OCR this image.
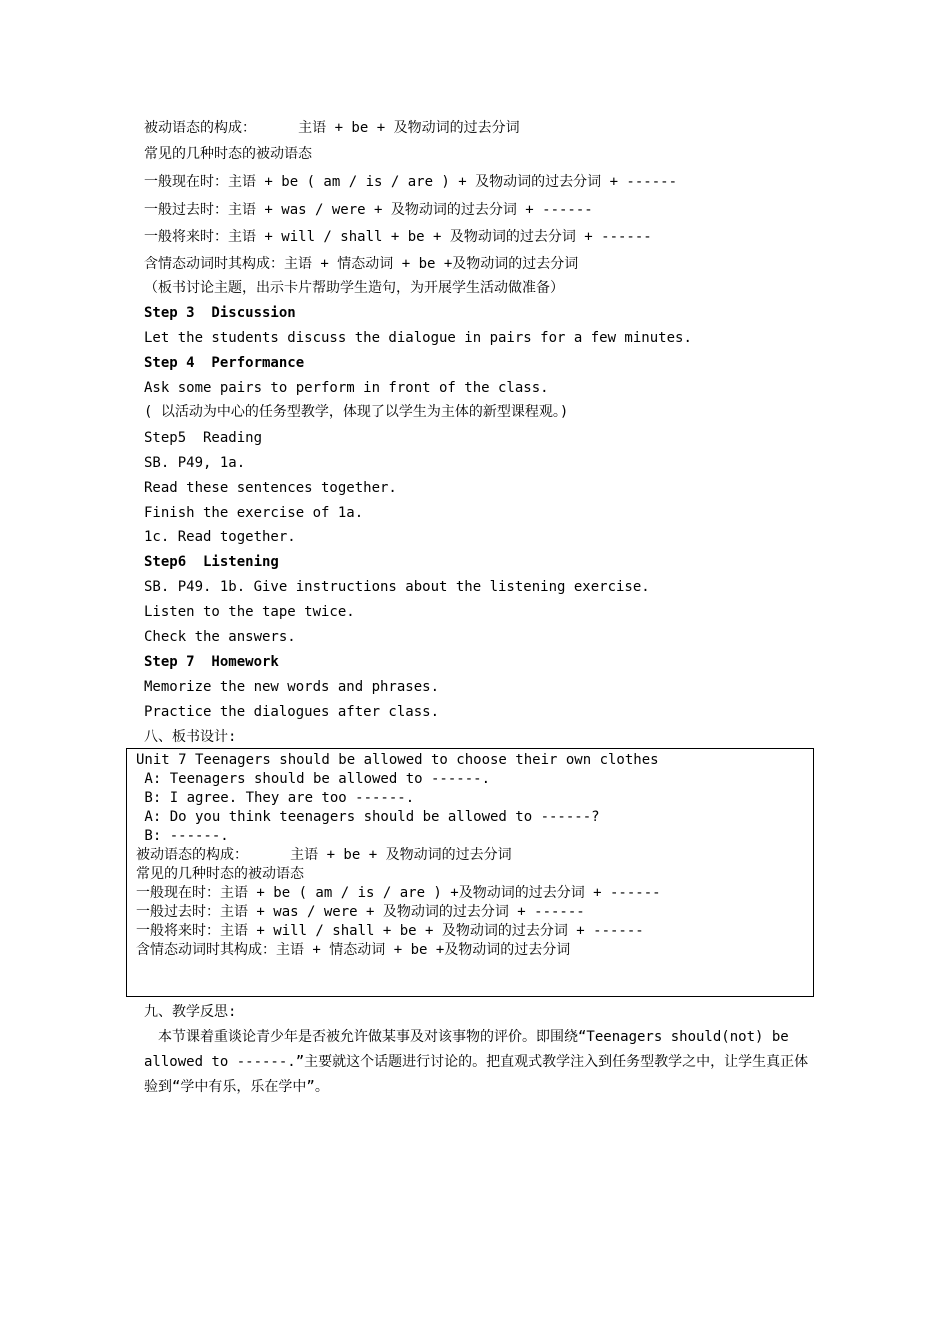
被动语态的构成：     主语 + be + 及物动词的过去分词
常见的几种时态的被动语态
一般现在时：主语 + be ( am / is / are ) + 及物动词的过去分词 + ------
一般过去时：主语 + was / were + 及物动词的过去分词 + ------
一般将来时：主语 + will / shall + be + 及物动词的过去分词 + ------
含情态动词时其构成：主语 + 情态动词 + be +及物动词的过去分词
（板书讨论主题，出示卡片帮助学生造句，为开展学生活动做准备）
Step 3  Discussion
Let the students discuss the dialogue in pairs for a few minutes.
Step 4  Performance
Ask some pairs to perform in front of the class.
( 以活动为中心的任务型教学，体现了以学生为主体的新型课程观。)
Step5  Reading
SB. P49, 1a.
Read these sentences together.
Finish the exercise of 1a.
1c. Read together.
Step6  Listening
SB. P49. 1b. Give instructions about the listening exercise.
Listen to the tape twice.
Check the answers.
Step 7  Homework
Memorize the new words and phrases.
Practice the dialogues after class.
八、板书设计:
Unit 7 Teenagers should be allowed to choose their own clothes
A: Teenagers should be allowed to ------.
B: I agree. They are too ------.
A: Do you think teenagers should be allowed to ------?
B: ------.
被动语态的构成：     主语 + be + 及物动词的过去分词
常见的几种时态的被动语态
一般现在时：主语 + be ( am / is / are ) +及物动词的过去分词 + ------
一般过去时：主语 + was / were + 及物动词的过去分词 + ------
一般将来时：主语 + will / shall + be + 及物动词的过去分词 + ------
含情态动词时其构成：主语 + 情态动词 + be +及物动词的过去分词
九、教学反思:
　本节课着重谈论青少年是否被允许做某事及对该事物的评价。即围绕“Teenagers should(not) be allowed to ------.”主要就这个话题进行讨论的。把直观式教学注入到任务型教学之中，让学生真正体验到“学中有乐，乐在学中”。
